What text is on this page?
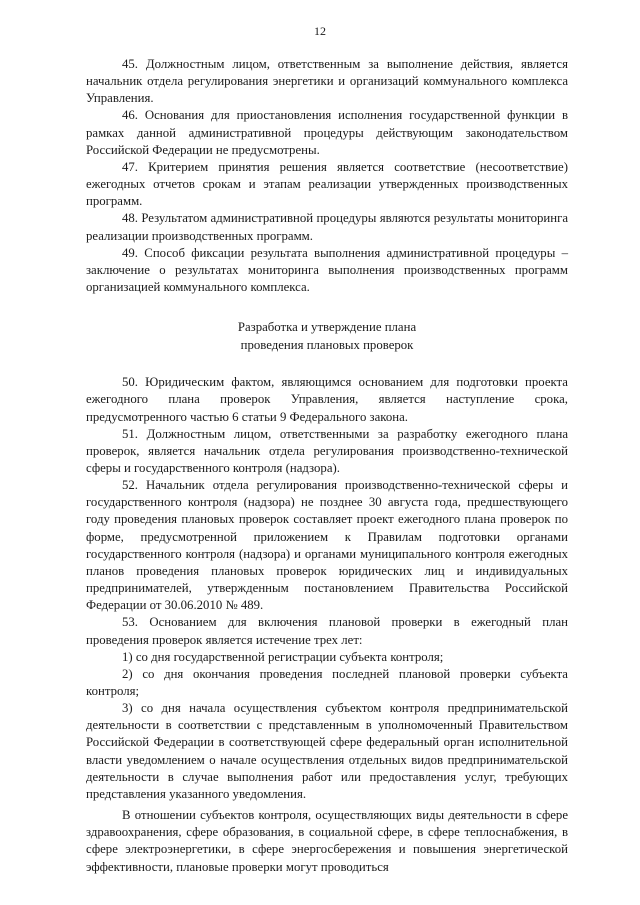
12

45. Должностным лицом, ответственным за выполнение действия, является начальник отдела регулирования энергетики и организаций коммунального комплекса Управления.

46. Основания для приостановления исполнения государственной функции в рамках данной административной процедуры действующим законодательством Российской Федерации не предусмотрены.

47. Критерием принятия решения является соответствие (несоответствие) ежегодных отчетов срокам и этапам реализации утвержденных производственных программ.

48. Результатом административной процедуры являются результаты мониторинга реализации производственных программ.

49. Способ фиксации результата выполнения административной процедуры – заключение о результатах мониторинга выполнения производственных программ организацией коммунального комплекса.

Разработка и утверждение плана
проведения плановых проверок

50. Юридическим фактом, являющимся основанием для подготовки проекта ежегодного плана проверок Управления, является наступление срока, предусмотренного частью 6 статьи 9 Федерального закона.

51. Должностным лицом, ответственными за разработку ежегодного плана проверок, является начальник отдела регулирования производственно-технической сферы и государственного контроля (надзора).

52. Начальник отдела регулирования производственно-технической сферы и государственного контроля (надзора) не позднее 30 августа года, предшествующего году проведения плановых проверок составляет проект ежегодного плана проверок по форме, предусмотренной приложением к Правилам подготовки органами государственного контроля (надзора) и органами муниципального контроля ежегодных планов проведения плановых проверок юридических лиц и индивидуальных предпринимателей, утвержденным постановлением Правительства Российской Федерации от 30.06.2010 № 489.

53. Основанием для включения плановой проверки в ежегодный план проведения проверок является истечение трех лет:

1) со дня государственной регистрации субъекта контроля;

2) со дня окончания проведения последней плановой проверки субъекта контроля;

3) со дня начала осуществления субъектом контроля предпринимательской деятельности в соответствии с представленным в уполномоченный Правительством Российской Федерации в соответствующей сфере федеральный орган исполнительной власти уведомлением о начале осуществления отдельных видов предпринимательской деятельности в случае выполнения работ или предоставления услуг, требующих представления указанного уведомления.

В отношении субъектов контроля, осуществляющих виды деятельности в сфере здравоохранения, сфере образования, в социальной сфере, в сфере теплоснабжения, в сфере электроэнергетики, в сфере энергосбережения и повышения энергетической эффективности, плановые проверки могут проводиться
